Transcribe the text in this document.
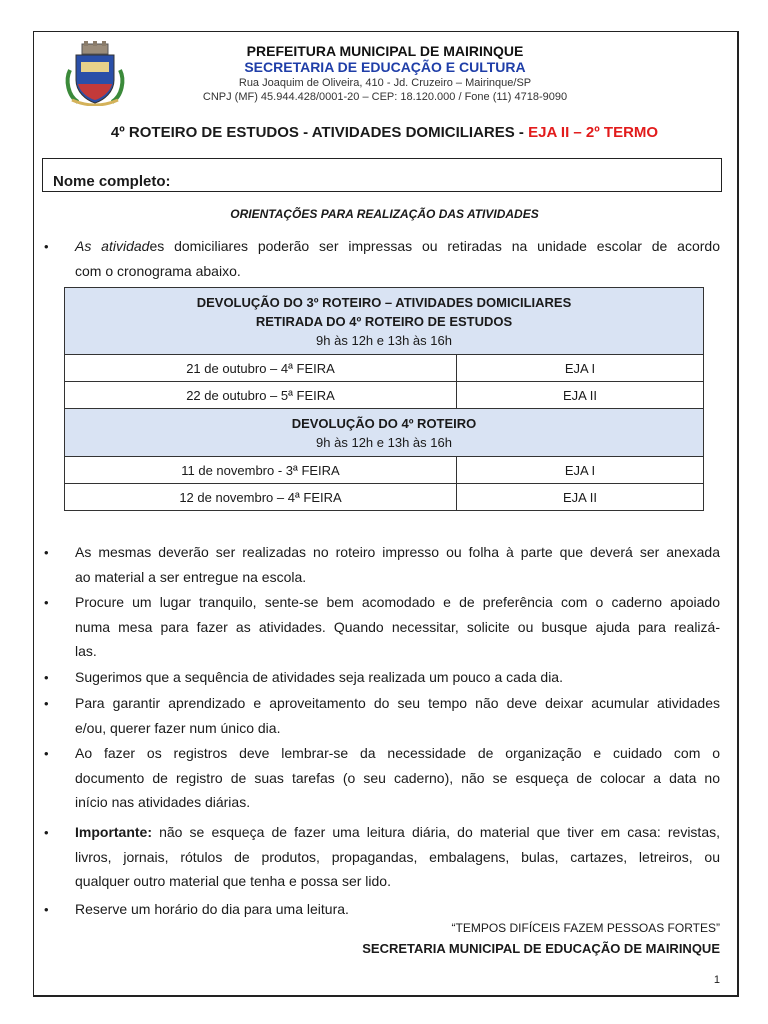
PREFEITURA MUNICIPAL DE MAIRINQUE
SECRETARIA DE EDUCAÇÃO E CULTURA
Rua Joaquim de Oliveira, 410 - Jd. Cruzeiro – Mairinque/SP
CNPJ (MF) 45.944.428/0001-20 – CEP: 18.120.000 / Fone (11) 4718-9090
4º ROTEIRO DE ESTUDOS - ATIVIDADES DOMICILIARES - EJA II – 2º TERMO
Nome completo:
ORIENTAÇÕES PARA REALIZAÇÃO DAS ATIVIDADES
• As atividades domiciliares poderão ser impressas ou retiradas na unidade escolar de acordo
com o cronograma abaixo.
DEVOLUÇÃO DO 3º ROTEIRO – ATIVIDADES DOMICILIARES
RETIRADA DO 4º ROTEIRO DE ESTUDOS
9h às 12h e 13h às 16h	
21 de outubro – 4ª FEIRA	EJA I
22 de outubro – 5ª FEIRA	EJA II

DEVOLUÇÃO DO 4º ROTEIRO
9h às 12h e 13h às 16h	
11 de novembro - 3ª FEIRA	EJA I
12 de novembro – 4ª FEIRA	EJA II
• As mesmas deverão ser realizadas no roteiro impresso ou folha à parte que deverá ser anexada
ao material a ser entregue na escola.
• Procure um lugar tranquilo, sente-se bem acomodado e de preferência com o caderno apoiado
numa mesa para fazer as atividades. Quando necessitar, solicite ou busque ajuda para realizá-
las.
• Sugerimos que a sequência de atividades seja realizada um pouco a cada dia.
• Para garantir aprendizado e aproveitamento do seu tempo não deve deixar acumular atividades
e/ou, querer fazer num único dia.
• Ao fazer os registros deve lembrar-se da necessidade de organização e cuidado com o
documento de registro de suas tarefas (o seu caderno), não se esqueça de colocar a data no
início nas atividades diárias.
• Importante: não se esqueça de fazer uma leitura diária, do material que tiver em casa: revistas,
livros, jornais, rótulos de produtos, propagandas, embalagens, bulas, cartazes, letreiros, ou
qualquer outro material que tenha e possa ser lido.
• Reserve um horário do dia para uma leitura.
“TEMPOS DIFÍCEIS FAZEM PESSOAS FORTES”
SECRETARIA MUNICIPAL DE EDUCAÇÃO DE MAIRINQUE
1
